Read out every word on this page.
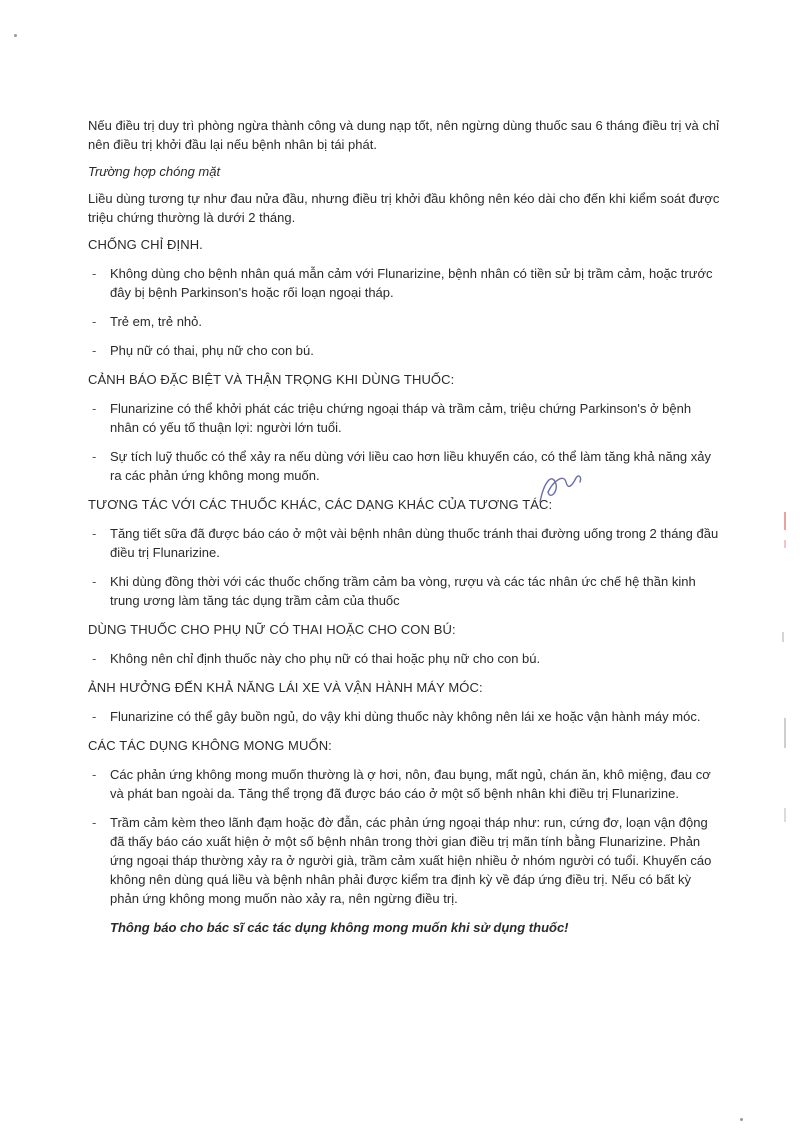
Nếu điều trị duy trì phòng ngừa thành công và dung nạp tốt, nên ngừng dùng thuốc sau 6 tháng điều trị và chỉ nên điều trị khởi đầu lại nếu bệnh nhân bị tái phát.

Trường hợp chóng mặt

Liều dùng tương tự như đau nửa đầu, nhưng điều trị khởi đầu không nên kéo dài cho đến khi kiểm soát được triệu chứng thường là dưới 2 tháng.

CHỐNG CHỈ ĐỊNH.

- Không dùng cho bệnh nhân quá mẫn cảm với Flunarizine, bệnh nhân có tiền sử bị trầm cảm, hoặc trước đây bị bệnh Parkinson's hoặc rối loạn ngoại tháp.
- Trẻ em, trẻ nhỏ.
- Phụ nữ có thai, phụ nữ cho con bú.

CẢNH BÁO ĐẶC BIỆT VÀ THẬN TRỌNG KHI DÙNG THUỐC:

- Flunarizine có thể khởi phát các triệu chứng ngoại tháp và trầm cảm, triệu chứng Parkinson's ở bệnh nhân có yếu tố thuận lợi: người lớn tuổi.
- Sự tích luỹ thuốc có thể xảy ra nếu dùng với liều cao hơn liều khuyến cáo, có thể làm tăng khả năng xảy ra các phản ứng không mong muốn.

TƯƠNG TÁC VỚI CÁC THUỐC KHÁC, CÁC DẠNG KHÁC CỦA TƯƠNG TÁC:

- Tăng tiết sữa đã được báo cáo ở một vài bệnh nhân dùng thuốc tránh thai đường uống trong 2 tháng đầu điều trị Flunarizine.
- Khi dùng đồng thời với các thuốc chống trầm cảm ba vòng, rượu và các tác nhân ức chế hệ thần kinh trung ương làm tăng tác dụng trầm cảm của thuốc

DÙNG THUỐC CHO PHỤ NỮ CÓ THAI HOẶC CHO CON BÚ:

- Không nên chỉ định thuốc này cho phụ nữ có thai hoặc phụ nữ cho con bú.

ẢNH HƯỞNG ĐẾN KHẢ NĂNG LÁI XE VÀ VẬN HÀNH MÁY MÓC:

- Flunarizine có thể gây buồn ngủ, do vậy khi dùng thuốc này không nên lái xe hoặc vận hành máy móc.

CÁC TÁC DỤNG KHÔNG MONG MUỐN:

- Các phản ứng không mong muốn thường là ợ hơi, nôn, đau bụng, mất ngủ, chán ăn, khô miệng, đau cơ và phát ban ngoài da. Tăng thể trọng đã được báo cáo ở một số bệnh nhân khi điều trị Flunarizine.
- Trầm cảm kèm theo lãnh đạm hoặc đờ đẫn, các phản ứng ngoại tháp như: run, cứng đơ, loạn vận động đã thấy báo cáo xuất hiện ở một số bệnh nhân trong thời gian điều trị mãn tính bằng Flunarizine. Phản ứng ngoại tháp thường xảy ra ở người già, trầm cảm xuất hiện nhiều ở nhóm người có tuổi. Khuyến cáo không nên dùng quá liều và bệnh nhân phải được kiểm tra định kỳ về đáp ứng điều trị. Nếu có bất kỳ phản ứng không mong muốn nào xảy ra, nên ngừng điều trị.

Thông báo cho bác sĩ các tác dụng không mong muốn khi sử dụng thuốc!
